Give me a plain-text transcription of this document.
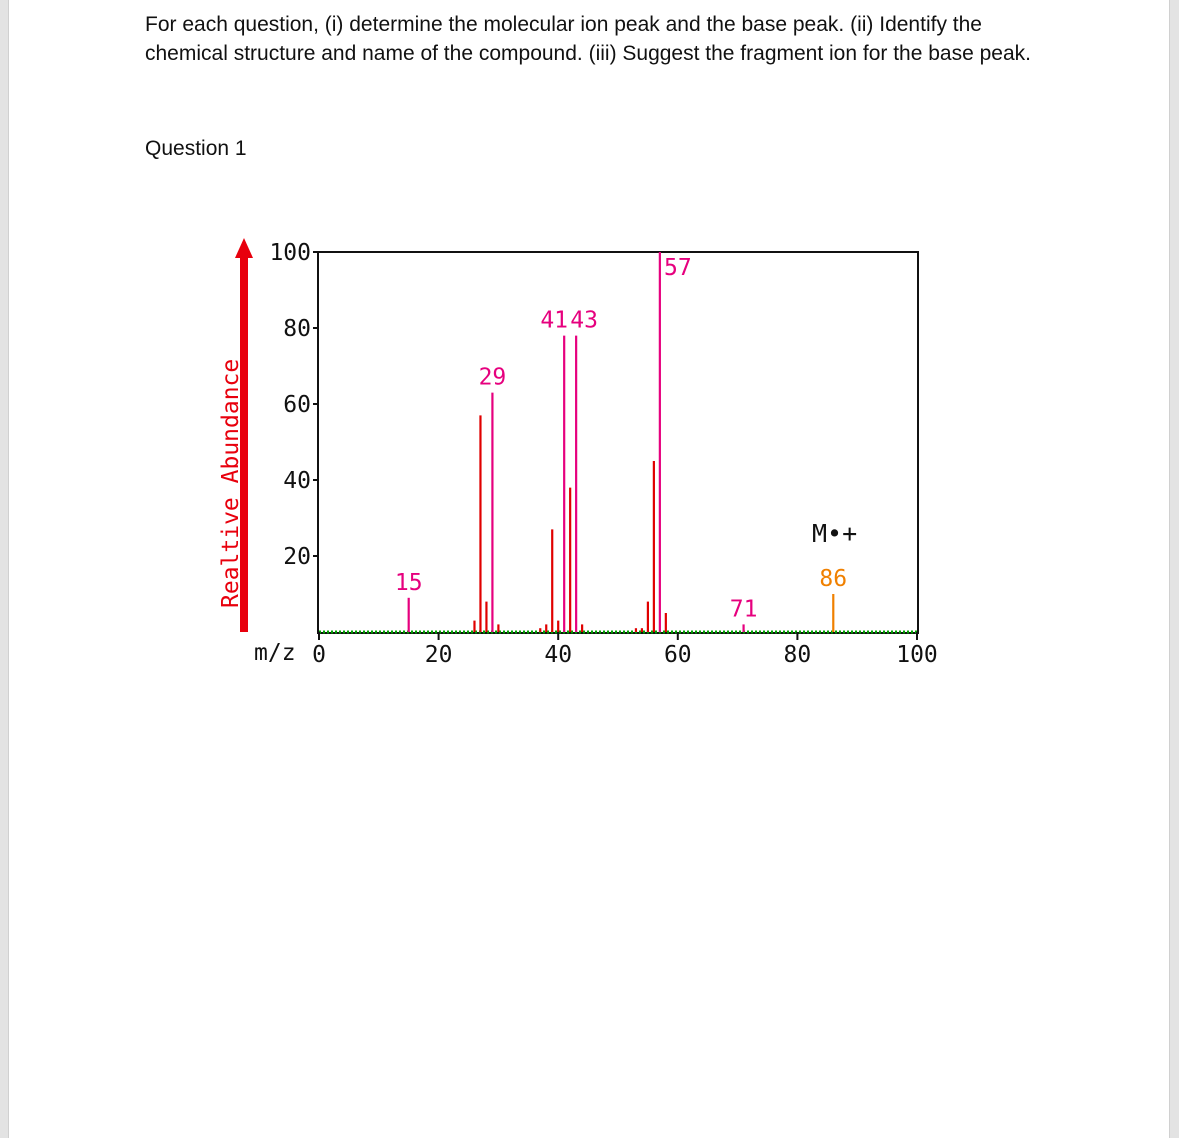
For each question, (i) determine the molecular ion peak and the base peak. (ii) Identify the chemical structure and name of the compound. (iii) Suggest the fragment ion for the base peak.

Question 1

Realtive Abundance
m/z
20
40
60
80
100
0	20	40	60	80	100
15
29
41 43
57
71
86
M•+
